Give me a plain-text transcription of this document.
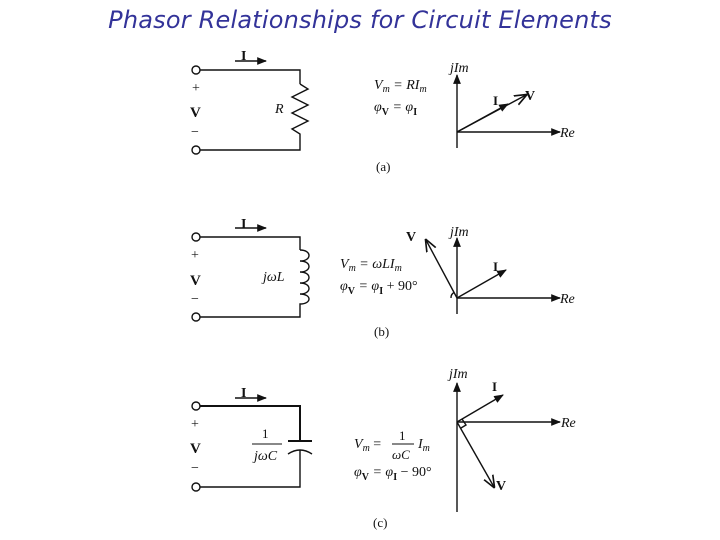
Phasor Relationships for Circuit Elements
I
+
V
−
R
jIm
Re
I V
$V_m = RI_m$
$\varphi_V = \varphi_I$
(a)
I
+
V
−
jωL
jIm
Re
I
V
$V_m = \omega LI_m$
$\varphi_V = \varphi_I + 90^\circ$
(b)
I
+
V
−
1
jωC
jIm
Re
I
V
$V_m$ =
1
ωC
$I_m$
$\varphi_V = \varphi_I - 90^\circ$
(c)
